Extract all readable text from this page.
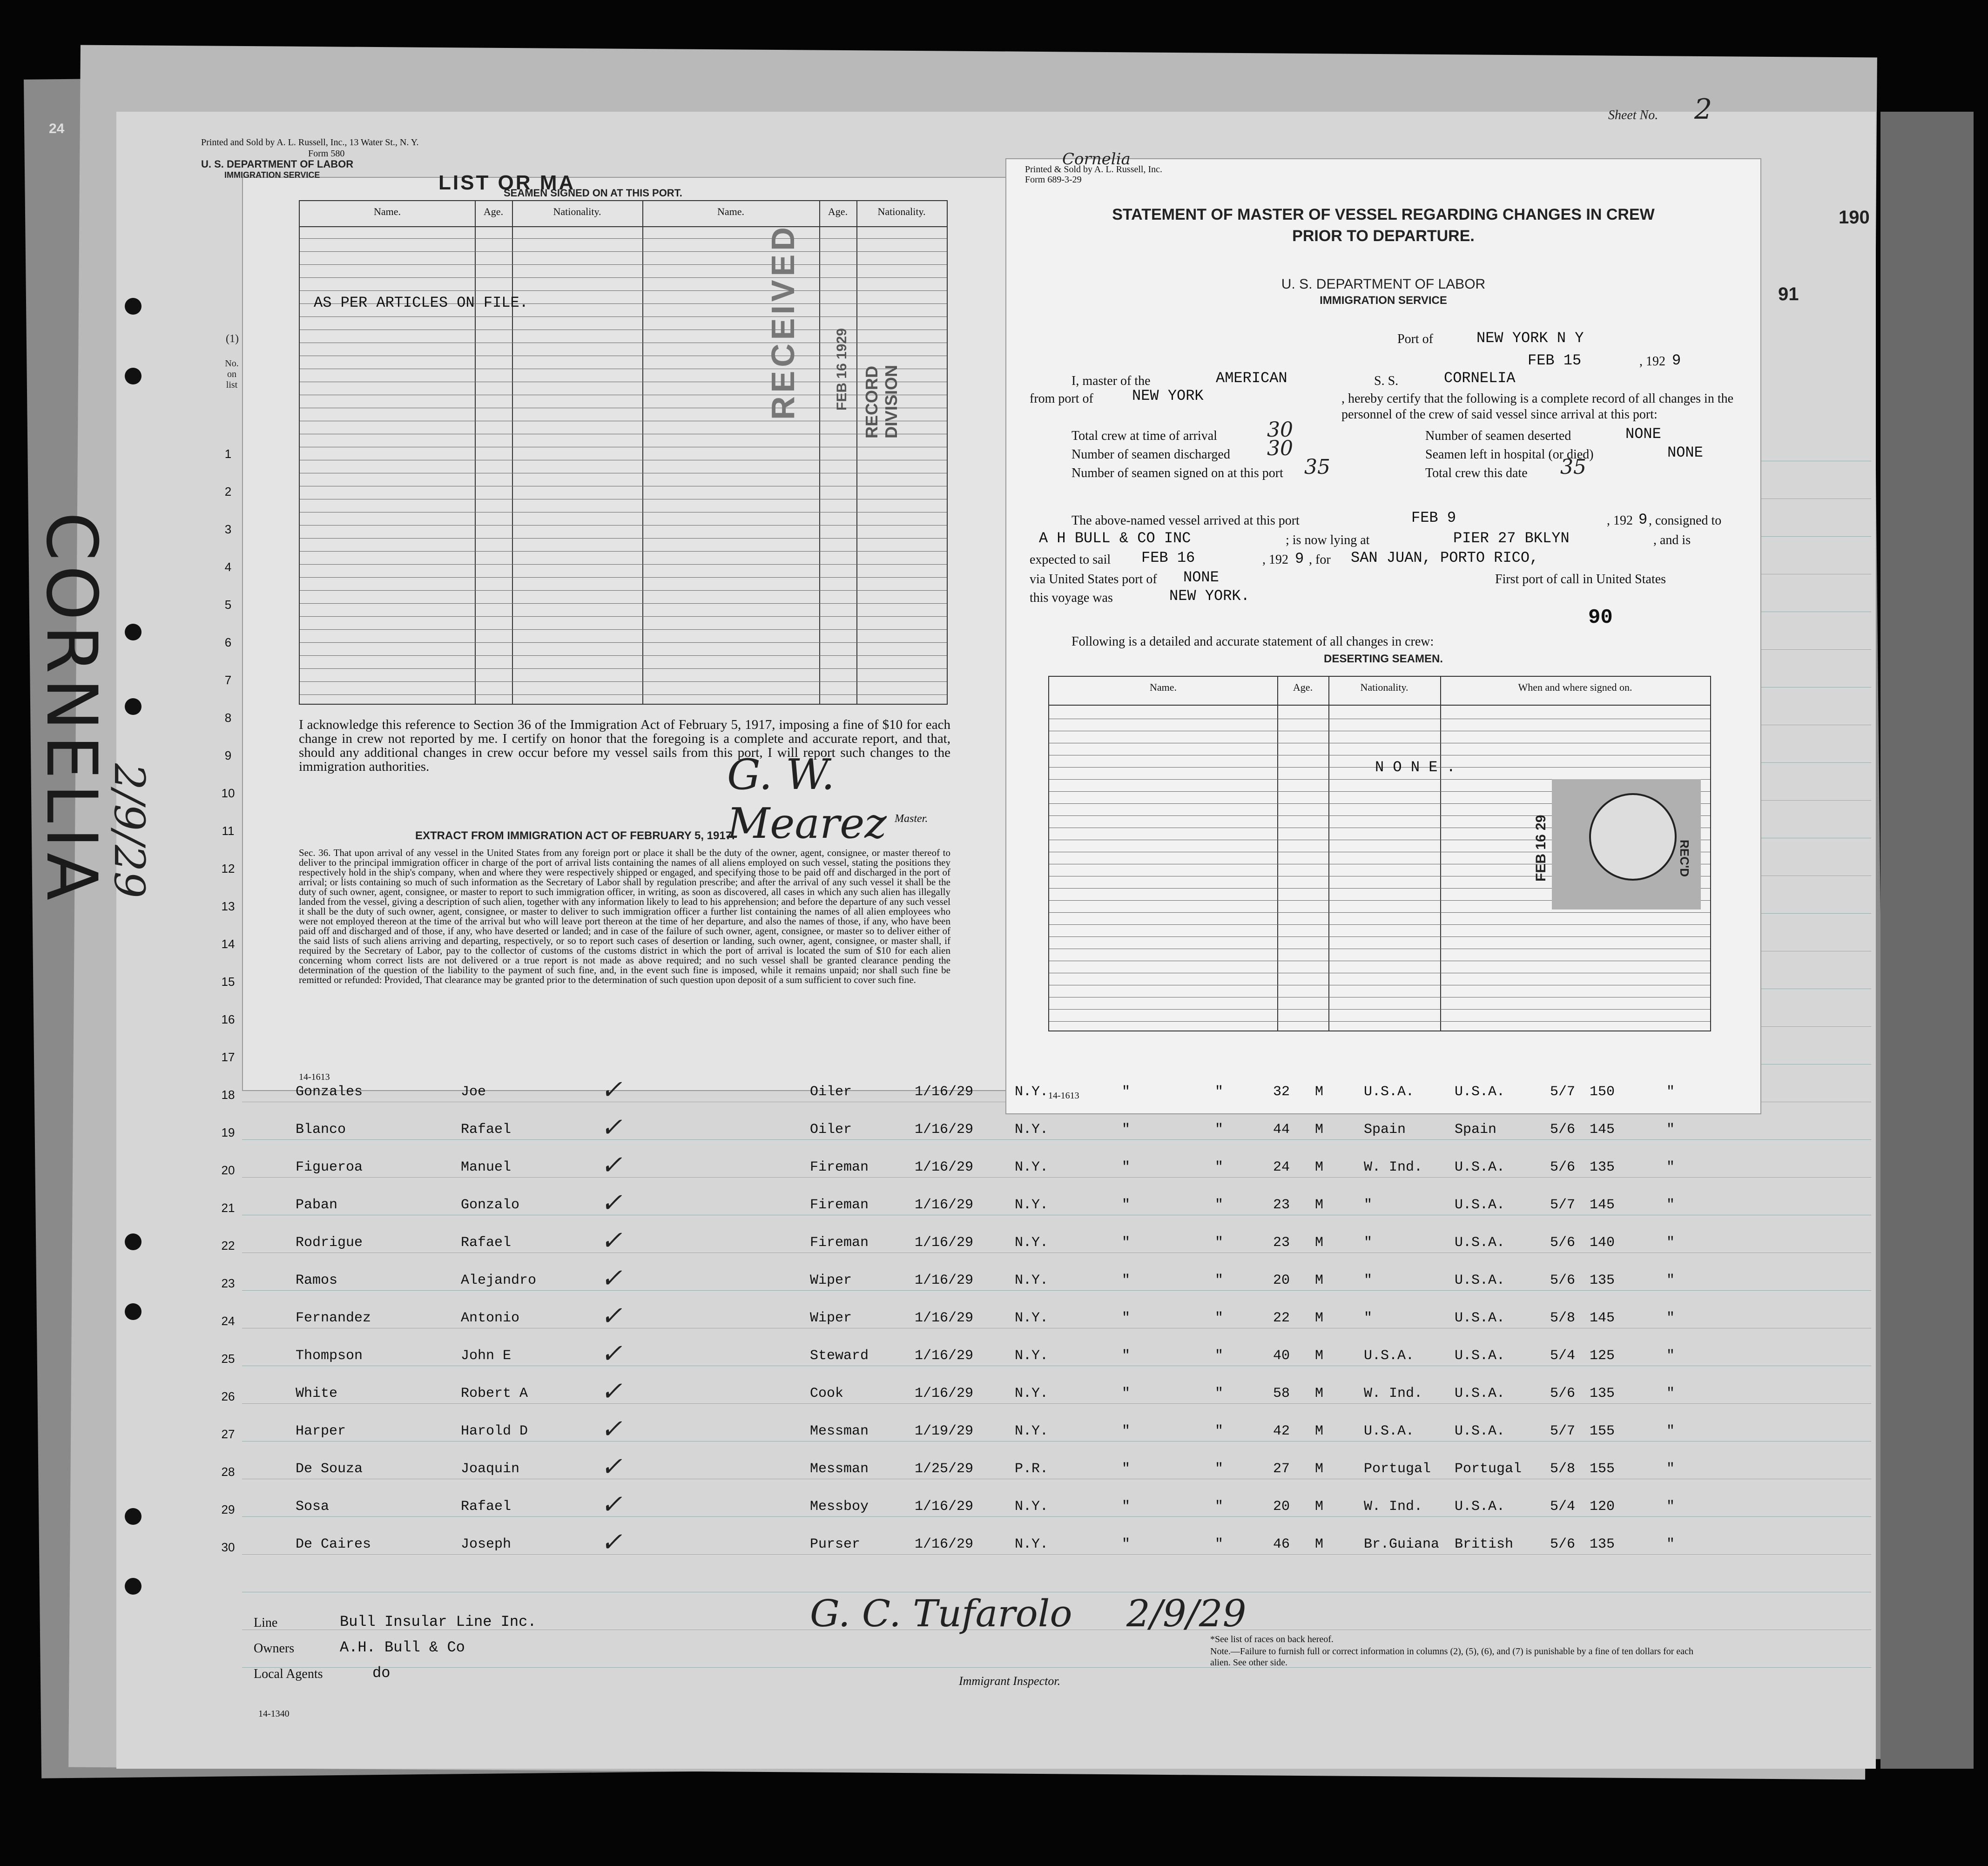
Sheet No. 2
190
91
24
CORNELIA
2/9/29
(1)
No. on list
1
2
3
4
5
6
7
8
9
10
11
12
13
14
15
16
17
18
19
20
21
22
23
24
25
26
27
28
29
30
Printed and Sold by A. L. Russell, Inc., 13 Water St., N. Y.
Form 580
U. S. DEPARTMENT OF LABOR
IMMIGRATION SERVICE	LIST OR MA
SEAMEN SIGNED ON AT THIS PORT.
Name.	Age.	Nationality.	Name.	Age.	Nationality.
AS PER ARTICLES ON FILE.	RECEIVED FEB 16 1929 RECORD DIVISION
I acknowledge this reference to Section 36 of the Immigration Act of February 5, 1917, imposing a fine of $10 for each change in crew not reported by me. I certify on honor that the foregoing is a complete and accurate report, and that, should any additional changes in crew occur before my vessel sails from this port, I will report such changes to the immigration authorities.	G. W. Mearez Master.
EXTRACT FROM IMMIGRATION ACT OF FEBRUARY 5, 1917.
Sec. 36. That upon arrival of any vessel in the United States from any foreign port or place it shall be the duty of the owner, agent, consignee, or master thereof to deliver to the principal immigration officer in charge of the port of arrival lists containing the names of all aliens employed on such vessel, stating the positions they respectively hold in the ship's company, when and where they were respectively shipped or engaged, and specifying those to be paid off and discharged in the port of arrival; or lists containing so much of such information as the Secretary of Labor shall by regulation prescribe; and after the arrival of any such vessel it shall be the duty of such owner, agent, consignee, or master to report to such immigration officer, in writing, as soon as discovered, all cases in which any such alien has illegally landed from the vessel, giving a description of such alien, together with any information likely to lead to his apprehension; and before the departure of any such vessel it shall be the duty of such owner, agent, consignee, or master to deliver to such immigration officer a further list containing the names of all alien employees who were not employed thereon at the time of the arrival but who will leave port thereon at the time of her departure, and also the names of those, if any, who have been paid off and discharged and of those, if any, who have deserted or landed; and in case of the failure of such owner, agent, consignee, or master so to deliver either of the said lists of such aliens arriving and departing, respectively, or so to report such cases of desertion or landing, such owner, agent, consignee, or master shall, if required by the Secretary of Labor, pay to the collector of customs of the customs district in which the port of arrival is located the sum of $10 for each alien concerning whom correct lists are not delivered or a true report is not made as above required; and no such vessel shall be granted clearance pending the determination of the question of the liability to the payment of such fine, and, in the event such fine is imposed, while it remains unpaid; nor shall such fine be remitted or refunded: Provided, That clearance may be granted prior to the determination of such question upon deposit of a sum sufficient to cover such fine.
14-1613
Printed & Sold by A. L. Russell, Inc.
Form 689-3-29
Cornelia
STATEMENT OF MASTER OF VESSEL REGARDING CHANGES IN CREW
PRIOR TO DEPARTURE.
U. S. DEPARTMENT OF LABOR
IMMIGRATION SERVICE
Port of	NEW YORK N Y
FEB 15	, 192 9
I, master of the	AMERICAN	S. S.	CORNELIA
from port of	NEW YORK	, hereby certify that the following is a complete record of all changes in the personnel of the crew of said vessel since arrival at this port:
Total crew at time of arrival 30	Number of seamen deserted	NONE
Number of seamen discharged 30	Seamen left in hospital (or died)	NONE
Number of seamen signed on at this port 35	Total crew this date 35
The above-named vessel arrived at this port	FEB 9	, 192 9 , consigned to
A H BULL & CO INC	; is now lying at	PIER 27 BKLYN	, and is
expected to sail FEB 16	, 192 9 , for SAN JUAN, PORTO RICO,
via United States port of NONE	First port of call in United States
this voyage was	NEW YORK.
90
Following is a detailed and accurate statement of all changes in crew:
DESERTING SEAMEN.
Name.	Age.	Nationality.	When and where signed on.
N O N E .
REC'D
FEB 16 29
14-1613
Gonzales	Joe	Oiler	1/16/29	N.Y.	"	"	32 M	U.S.A.	U.S.A.	5/7 150	"
✓
Blanco	Rafael	Oiler	1/16/29	N.Y.	"	"	44 M	Spain	Spain	5/6 145	"
✓
Figueroa	Manuel	Fireman	1/16/29	N.Y.	"	"	24 M	W. Ind. U.S.A.	5/6 135	"
✓
Paban	Gonzalo	Fireman	1/16/29	N.Y.	"	"	23 M	"	U.S.A.	5/7 145	"
✓
Rodrigue	Rafael	Fireman	1/16/29	N.Y.	"	"	23 M	"	U.S.A.	5/6 140	"
✓
Ramos	Alejandro	Wiper	1/16/29	N.Y.	"	"	20 M	"	U.S.A.	5/6 135	"
✓
Fernandez	Antonio	Wiper	1/16/29	N.Y.	"	"	22 M	"	U.S.A.	5/8 145	"
✓
Thompson	John E	Steward	1/16/29	N.Y.	"	"	40 M	U.S.A.	U.S.A.	5/4 125	"
✓
White	Robert A	Cook	1/16/29	N.Y.	"	"	58 M	W. Ind. U.S.A.	5/6 135	"
✓
Harper	Harold D	Messman	1/19/29	N.Y.	"	"	42 M	U.S.A.	U.S.A.	5/7 155	"
✓
De Souza	Joaquin	Messman	1/25/29	P.R.	"	"	27 M	Portugal Portugal 5/8 155	"
✓
Sosa	Rafael	Messboy	1/16/29	N.Y.	"	"	20 M	W. Ind. U.S.A.	5/4 120	"
✓
De Caires	Joseph	Purser	1/16/29	N.Y.	"	"	46 M	Br.Guiana British	5/6 135	"
✓
Line	Bull Insular Line Inc.
Owners	A.H. Bull & Co
Local Agents	do
14-1340
G. C. Tufarolo 2/9/29
Immigrant Inspector.
*See list of races on back hereof.
Note.—Failure to furnish full or correct information in columns (2), (5), (6), and (7) is punishable by a fine of ten dollars for each alien. See other side.
